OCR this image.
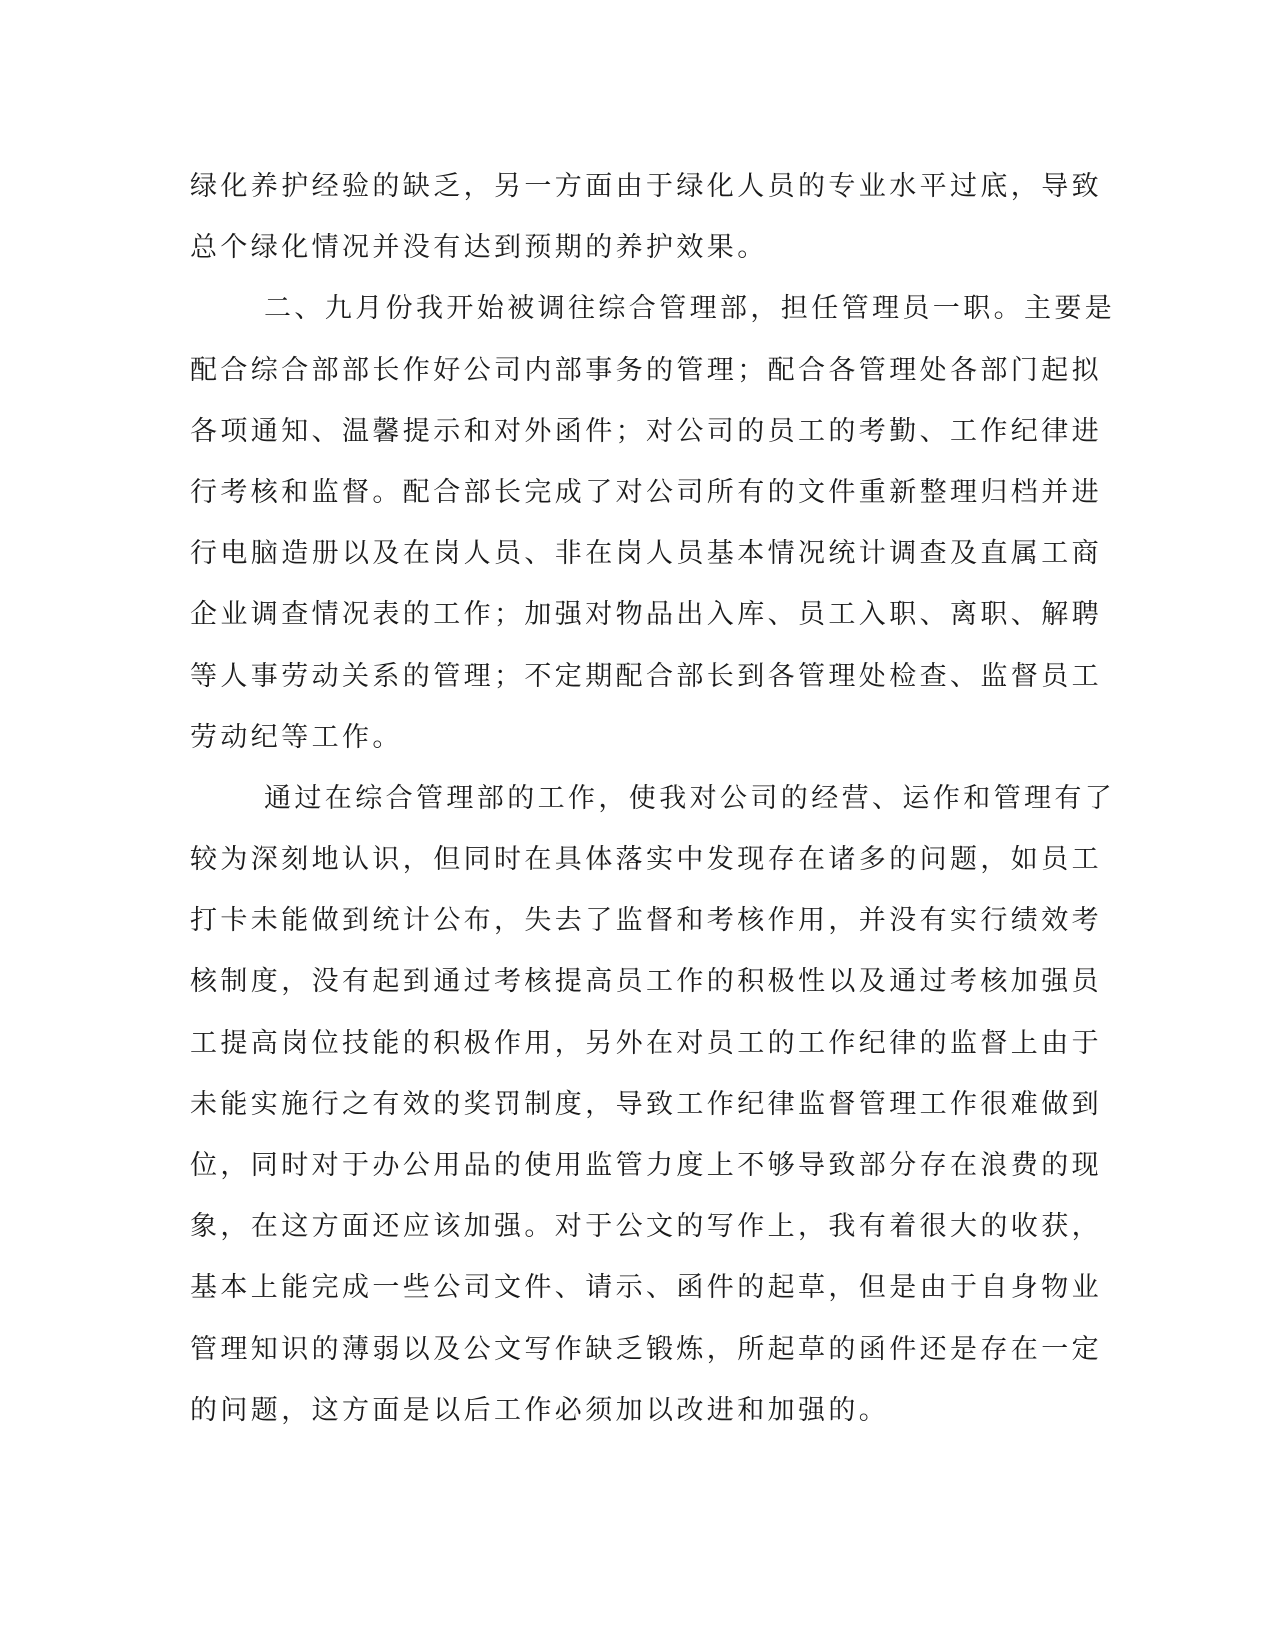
绿化养护经验的缺乏，另一方面由于绿化人员的专业水平过底，导致
总个绿化情况并没有达到预期的养护效果。
二、九月份我开始被调往综合管理部，担任管理员一职。主要是
配合综合部部长作好公司内部事务的管理；配合各管理处各部门起拟
各项通知、温馨提示和对外函件；对公司的员工的考勤、工作纪律进
行考核和监督。配合部长完成了对公司所有的文件重新整理归档并进
行电脑造册以及在岗人员、非在岗人员基本情况统计调查及直属工商
企业调查情况表的工作；加强对物品出入库、员工入职、离职、解聘
等人事劳动关系的管理；不定期配合部长到各管理处检查、监督员工
劳动纪等工作。
通过在综合管理部的工作，使我对公司的经营、运作和管理有了
较为深刻地认识，但同时在具体落实中发现存在诸多的问题，如员工
打卡未能做到统计公布，失去了监督和考核作用，并没有实行绩效考
核制度，没有起到通过考核提高员工作的积极性以及通过考核加强员
工提高岗位技能的积极作用，另外在对员工的工作纪律的监督上由于
未能实施行之有效的奖罚制度，导致工作纪律监督管理工作很难做到
位，同时对于办公用品的使用监管力度上不够导致部分存在浪费的现
象，在这方面还应该加强。对于公文的写作上，我有着很大的收获，
基本上能完成一些公司文件、请示、函件的起草，但是由于自身物业
管理知识的薄弱以及公文写作缺乏锻炼，所起草的函件还是存在一定
的问题，这方面是以后工作必须加以改进和加强的。
